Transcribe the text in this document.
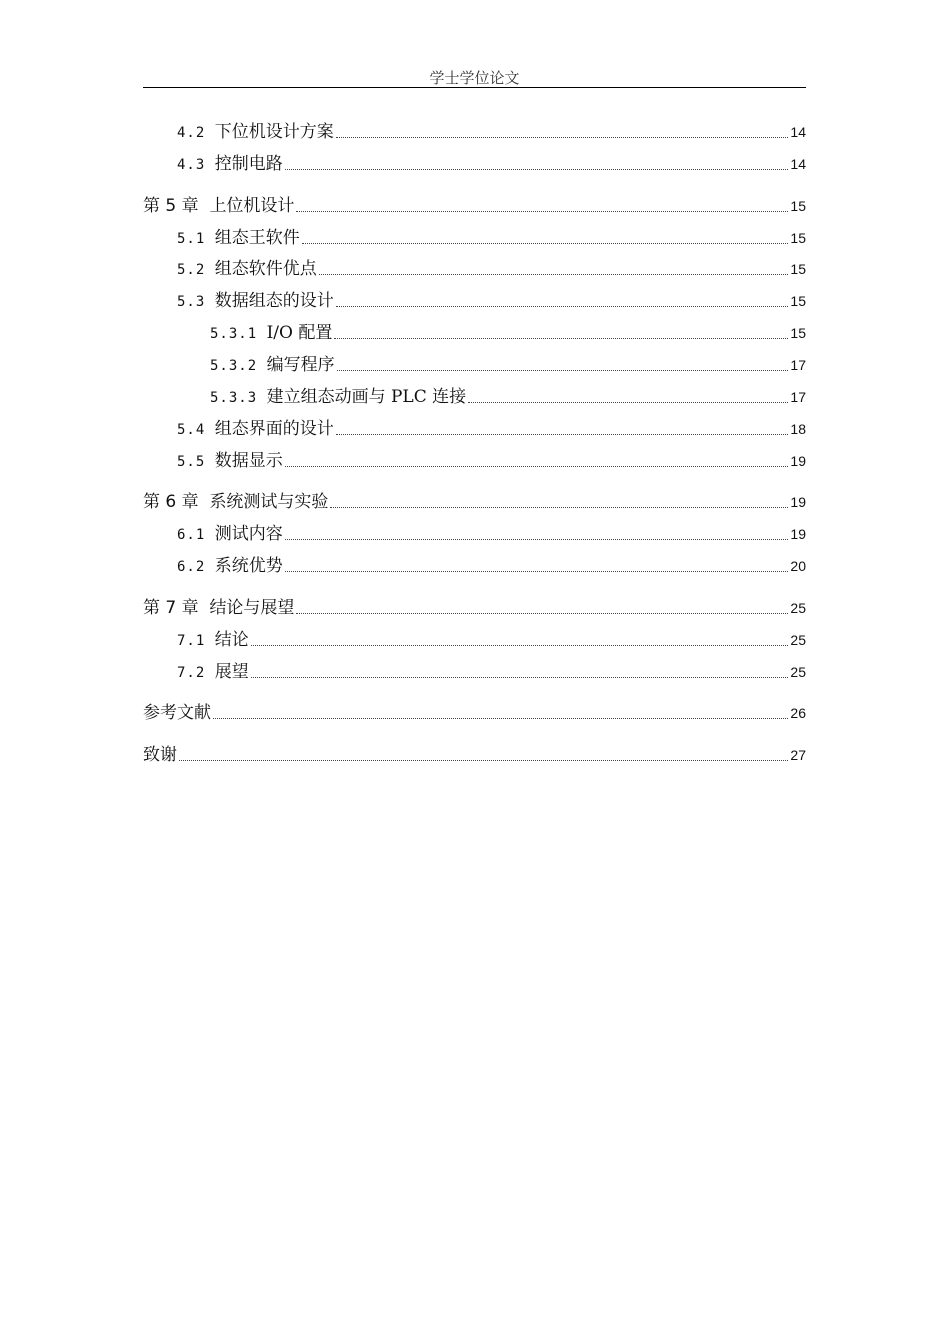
学士学位论文
4.2 下位机设计方案	14
4.3 控制电路	14
第 5 章 上位机设计	15
5.1 组态王软件	15
5.2 组态软件优点	15
5.3 数据组态的设计	15
5.3.1 I/O 配置	15
5.3.2 编写程序	17
5.3.3 建立组态动画与 PLC 连接	17
5.4 组态界面的设计	18
5.5 数据显示	19
第 6 章 系统测试与实验	19
6.1 测试内容	19
6.2 系统优势	20
第 7 章 结论与展望	25
7.1 结论	25
7.2 展望	25
参考文献	26
致谢	27
